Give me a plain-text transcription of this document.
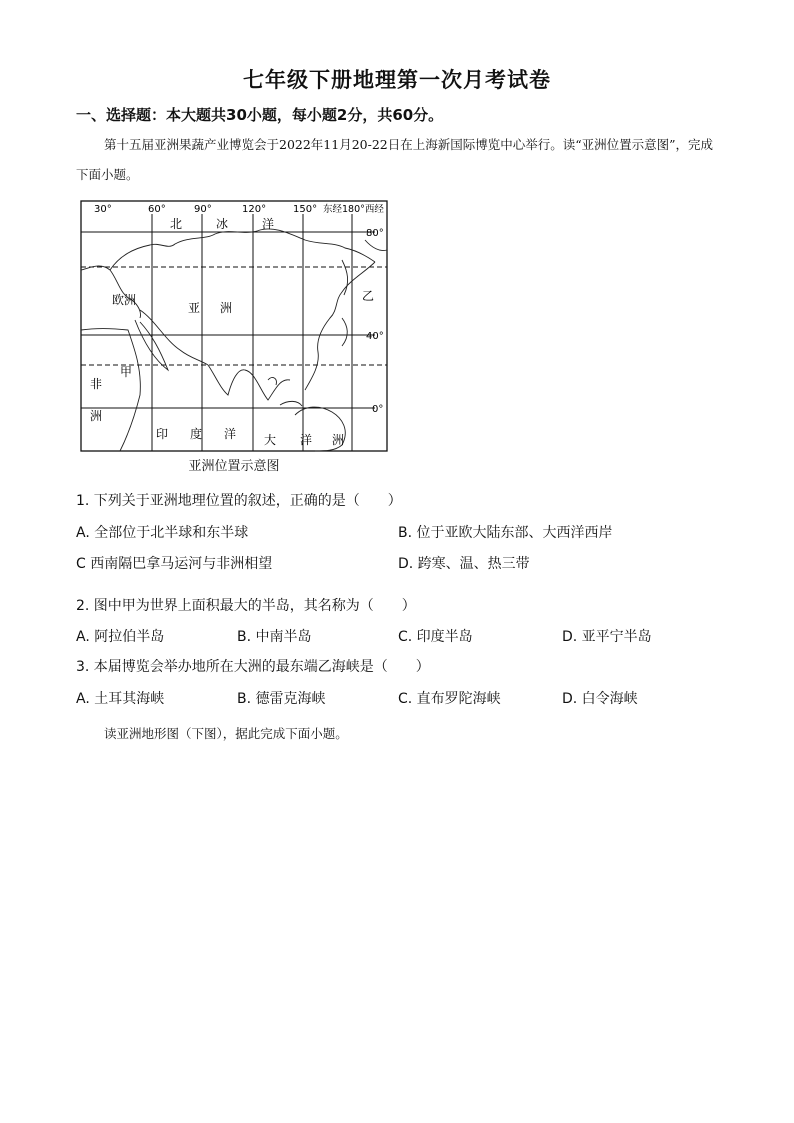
七年级下册地理第一次月考试卷
一、选择题：本大题共30小题，每小题2分，共60分。
第十五届亚洲果蔬产业博览会于2022年11月20-22日在上海新国际博览中心举行。读“亚洲位置示意图”，完成下面小题。
30°	60°	90°	120°	150° 东经180°西经
80°
40°
0°
北	冰	洋
欧洲
亚 洲
非
洲
甲
乙
印 度 洋 大 洋 洲
亚洲位置示意图
1. 下列关于亚洲地理位置的叙述，正确的是（　　）
A. 全部位于北半球和东半球	B. 位于亚欧大陆东部、大西洋西岸
C 西南隔巴拿马运河与非洲相望	D. 跨寒、温、热三带
2. 图中甲为世界上面积最大的半岛，其名称为（　　）
A. 阿拉伯半岛	B. 中南半岛	C. 印度半岛	D. 亚平宁半岛
3. 本届博览会举办地所在大洲的最东端乙海峡是（　　）
A. 土耳其海峡	B. 德雷克海峡	C. 直布罗陀海峡	D. 白令海峡
读亚洲地形图（下图），据此完成下面小题。
